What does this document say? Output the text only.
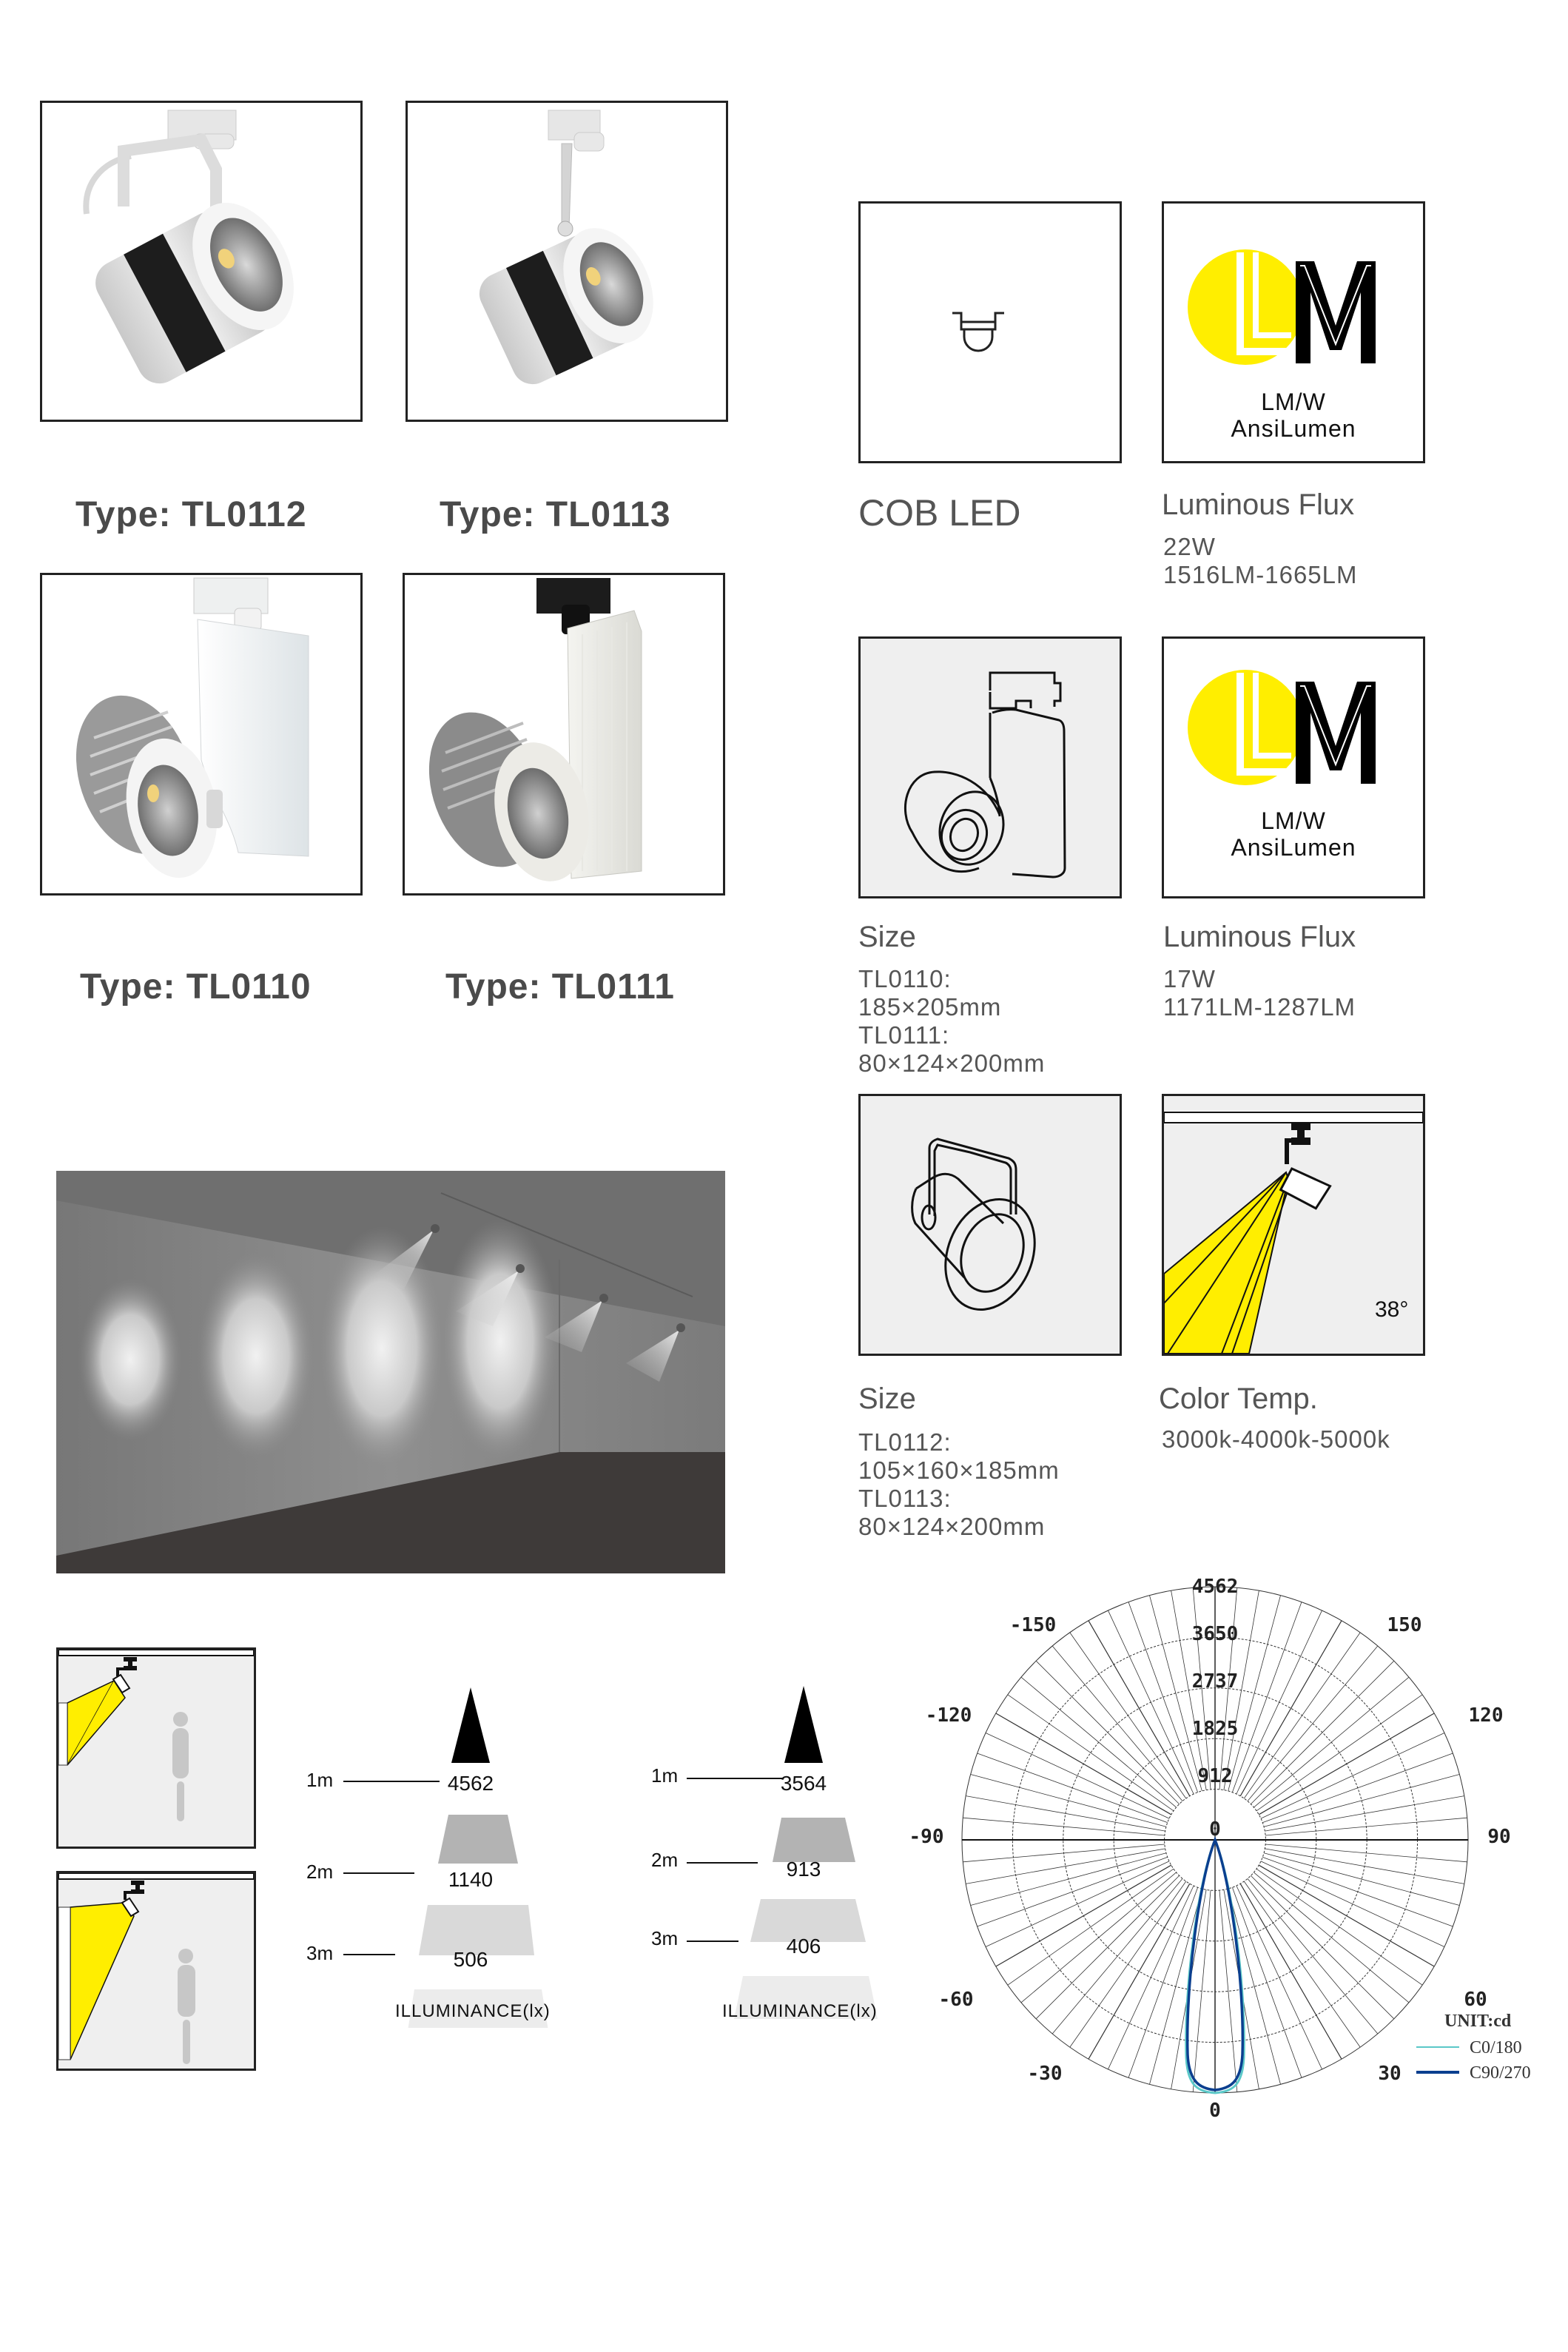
Type: TL0112	Type: TL0113
Type: TL0110	Type: TL0111
COB LED
LM/W
AnsiLumen
Luminous Flux
22W
1516LM-1665LM
Size
TL0110:
185×205mm
TL0111:
80×124×200mm
LM/W
AnsiLumen
Luminous Flux
17W
1171LM-1287LM
Size
TL0112:
105×160×185mm
TL0113:
80×124×200mm
38°
Color Temp.
3000k-4000k-5000k
1m	4562
2m	1140
3m	506
ILLUMINANCE(lx)
1m	3564
2m	913
3m	406
ILLUMINANCE(lx)
4562
3650
2737
1825
912
0
-150	150
-120	120
-90	90
-60	60
-30	30
0
UNIT:cd
C0/180
C90/270
